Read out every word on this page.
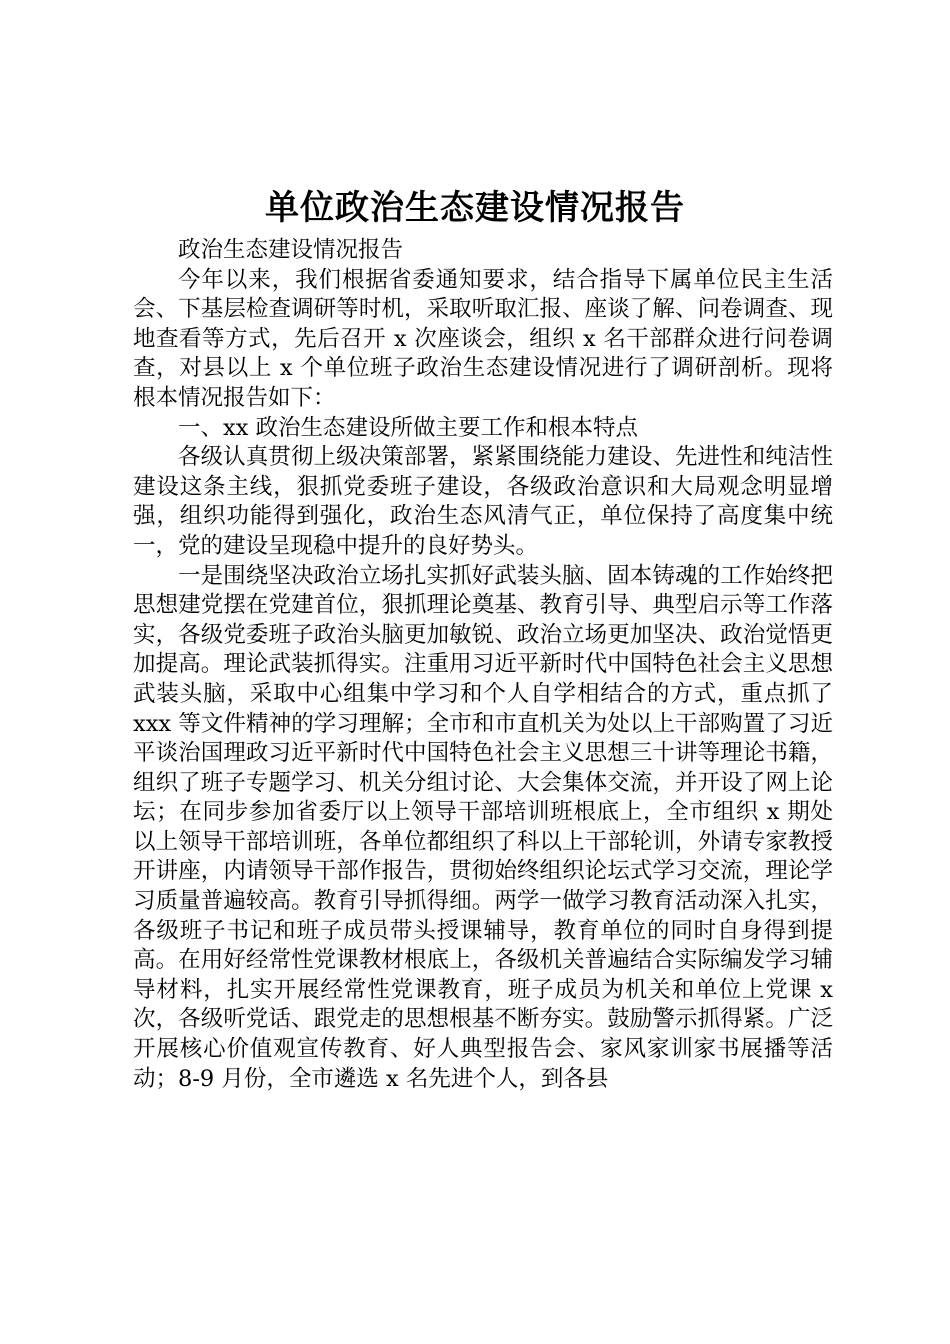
单位政治生态建设情况报告

政治生态建设情况报告

今年以来，我们根据省委通知要求，结合指导下属单位民主生活会、下基层检查调研等时机，采取听取汇报、座谈了解、问卷调查、现地查看等方式，先后召开 x 次座谈会，组织 x 名干部群众进行问卷调查，对县以上 x 个单位班子政治生态建设情况进行了调研剖析。现将根本情况报告如下：

一、xx 政治生态建设所做主要工作和根本特点

各级认真贯彻上级决策部署，紧紧围绕能力建设、先进性和纯洁性建设这条主线，狠抓党委班子建设，各级政治意识和大局观念明显增强，组织功能得到强化，政治生态风清气正，单位保持了高度集中统一，党的建设呈现稳中提升的良好势头。

一是围绕坚决政治立场扎实抓好武装头脑、固本铸魂的工作始终把思想建党摆在党建首位，狠抓理论奠基、教育引导、典型启示等工作落实，各级党委班子政治头脑更加敏锐、政治立场更加坚决、政治觉悟更加提高。理论武装抓得实。注重用习近平新时代中国特色社会主义思想武装头脑，采取中心组集中学习和个人自学相结合的方式，重点抓了 xxx 等文件精神的学习理解；全市和市直机关为处以上干部购置了习近平谈治国理政习近平新时代中国特色社会主义思想三十讲等理论书籍，组织了班子专题学习、机关分组讨论、大会集体交流，并开设了网上论坛；在同步参加省委厅以上领导干部培训班根底上，全市组织 x 期处以上领导干部培训班，各单位都组织了科以上干部轮训，外请专家教授开讲座，内请领导干部作报告，贯彻始终组织论坛式学习交流，理论学习质量普遍较高。教育引导抓得细。两学一做学习教育活动深入扎实，各级班子书记和班子成员带头授课辅导，教育单位的同时自身得到提高。在用好经常性党课教材根底上，各级机关普遍结合实际编发学习辅导材料，扎实开展经常性党课教育，班子成员为机关和单位上党课 x 次，各级听党话、跟党走的思想根基不断夯实。鼓励警示抓得紧。广泛开展核心价值观宣传教育、好人典型报告会、家风家训家书展播等活动；8-9 月份，全市遴选 x 名先进个人，到各县
